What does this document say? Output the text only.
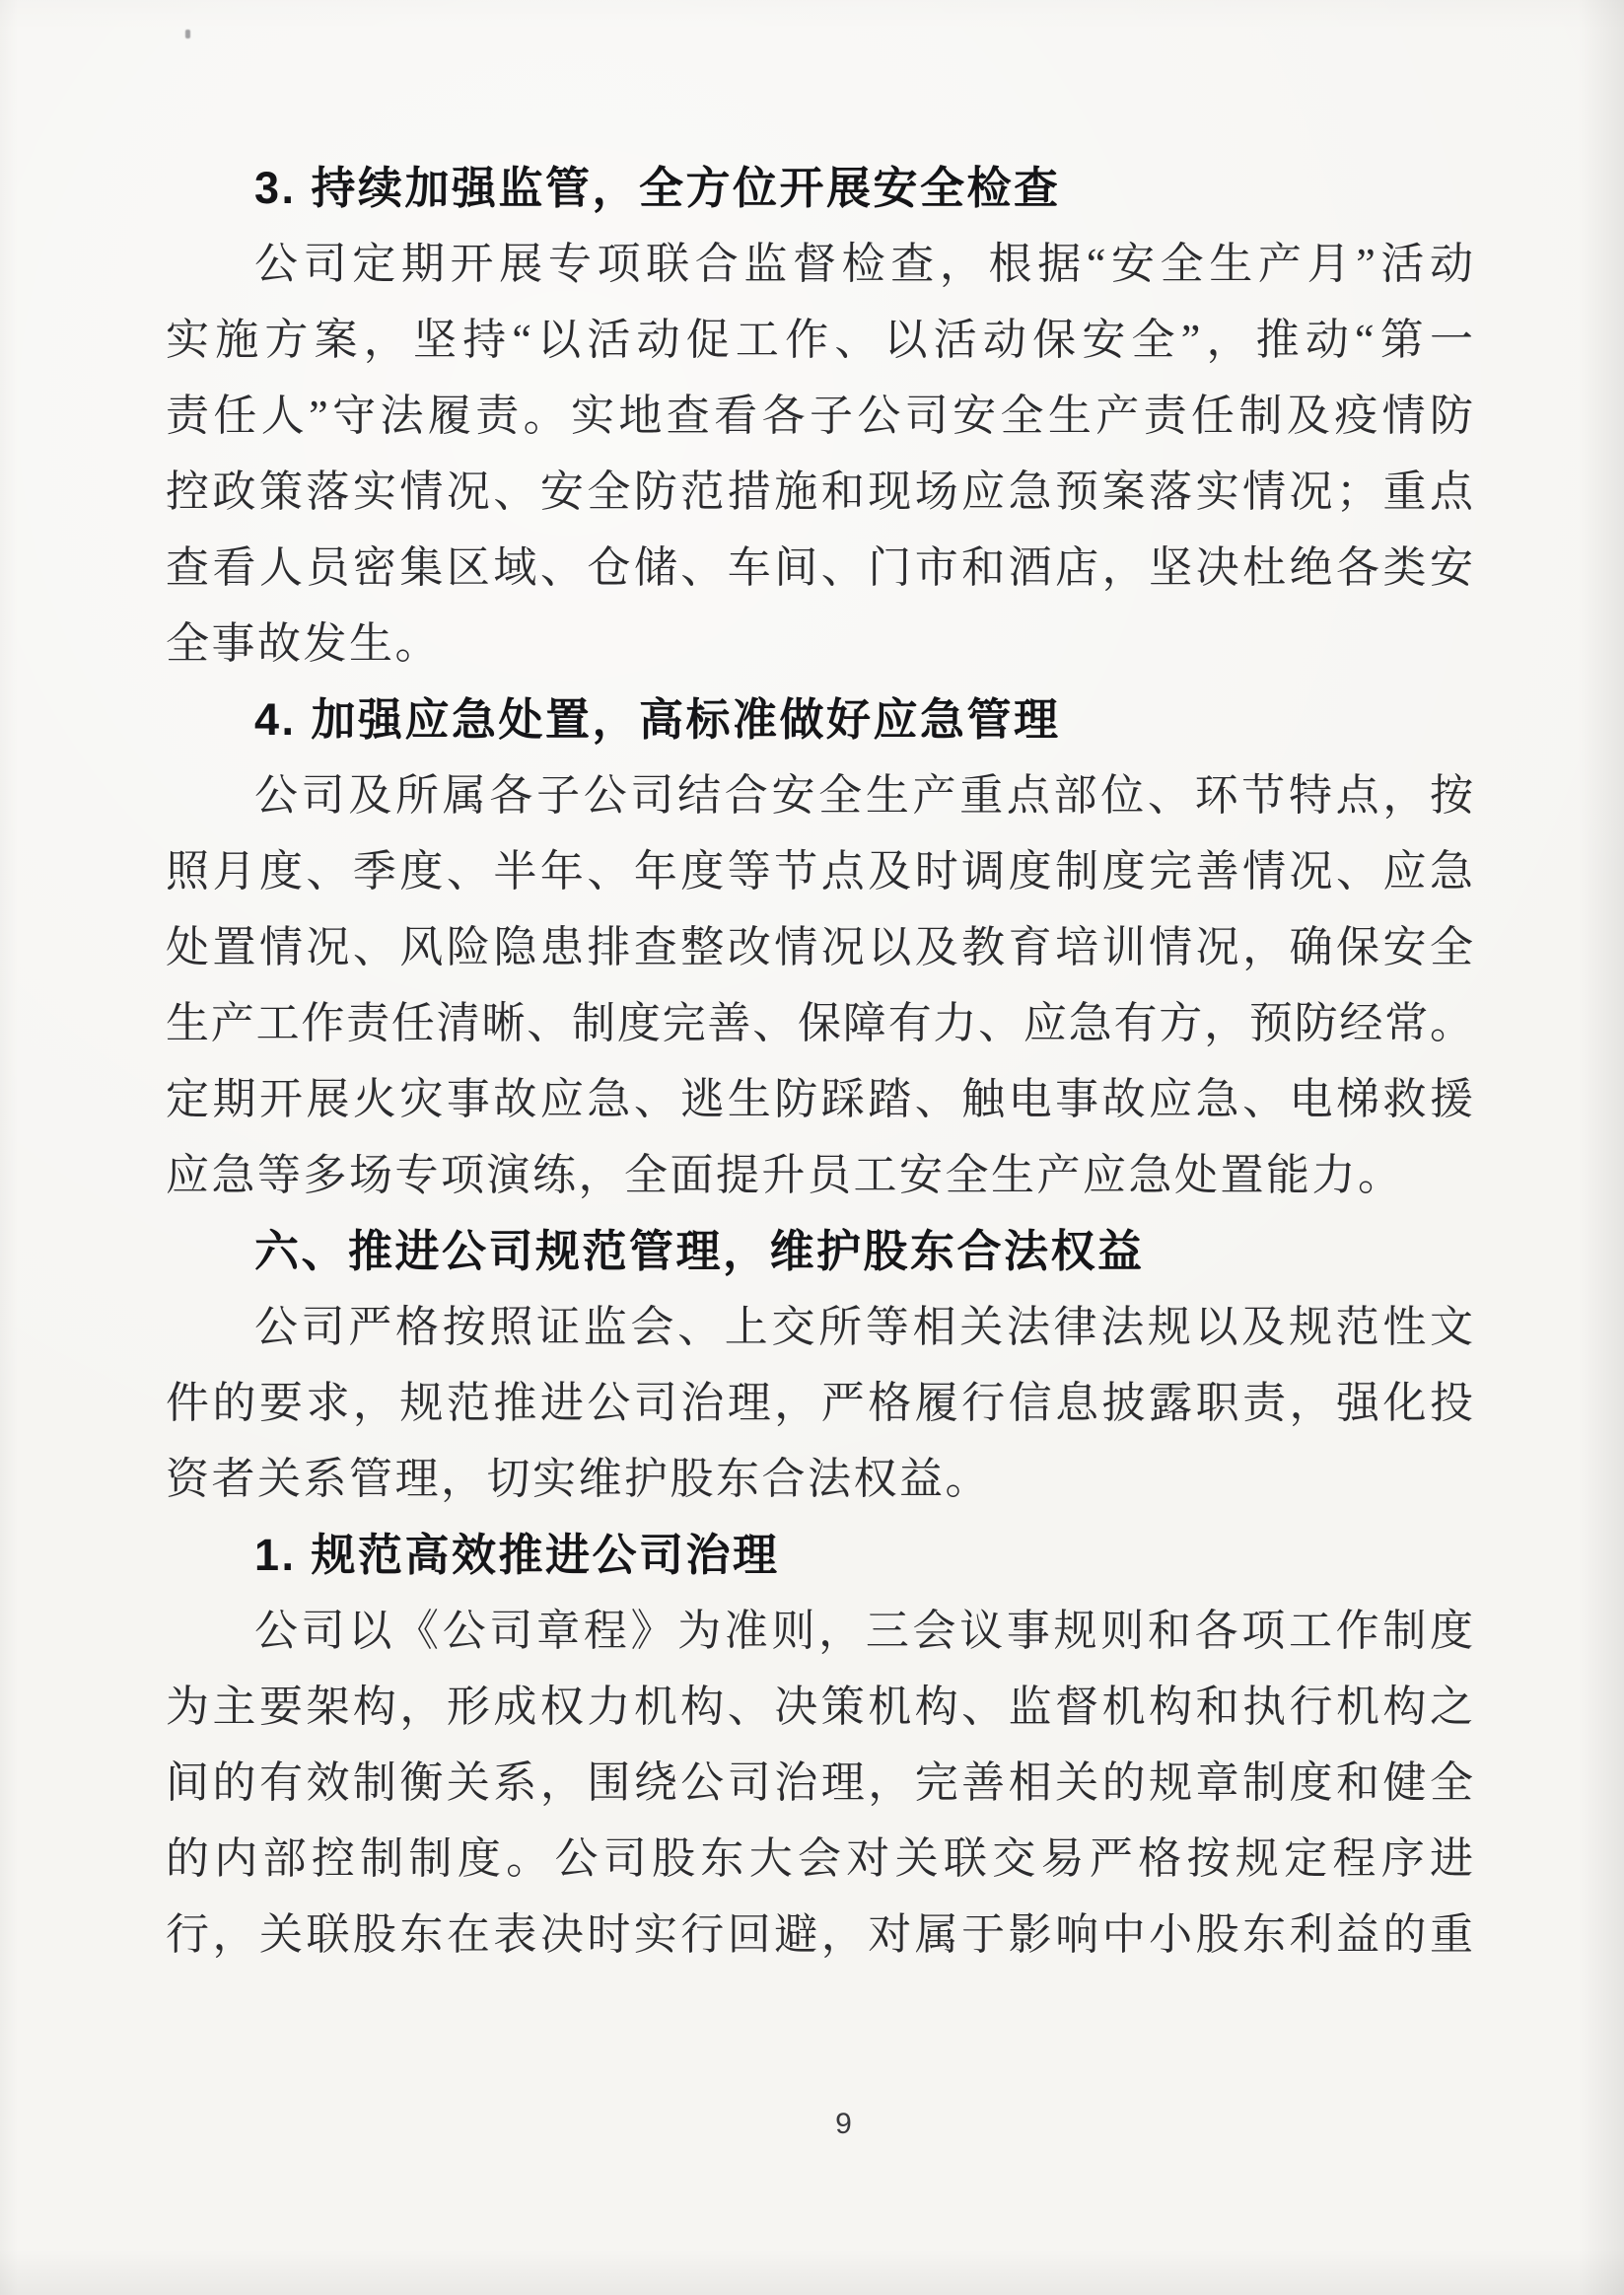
3. 持续加强监管，全方位开展安全检查
公司定期开展专项联合监督检查，根据“安全生产月”活动
实施方案，坚持“以活动促工作、以活动保安全”，推动“第一
责任人”守法履责。实地查看各子公司安全生产责任制及疫情防
控政策落实情况、安全防范措施和现场应急预案落实情况；重点
查看人员密集区域、仓储、车间、门市和酒店，坚决杜绝各类安
全事故发生。
4. 加强应急处置，高标准做好应急管理
公司及所属各子公司结合安全生产重点部位、环节特点，按
照月度、季度、半年、年度等节点及时调度制度完善情况、应急
处置情况、风险隐患排查整改情况以及教育培训情况，确保安全
生产工作责任清晰、制度完善、保障有力、应急有方，预防经常。
定期开展火灾事故应急、逃生防踩踏、触电事故应急、电梯救援
应急等多场专项演练，全面提升员工安全生产应急处置能力。
六、推进公司规范管理，维护股东合法权益
公司严格按照证监会、上交所等相关法律法规以及规范性文
件的要求，规范推进公司治理，严格履行信息披露职责，强化投
资者关系管理，切实维护股东合法权益。
1. 规范高效推进公司治理
公司以《公司章程》为准则，三会议事规则和各项工作制度
为主要架构，形成权力机构、决策机构、监督机构和执行机构之
间的有效制衡关系，围绕公司治理，完善相关的规章制度和健全
的内部控制制度。公司股东大会对关联交易严格按规定程序进
行，关联股东在表决时实行回避，对属于影响中小股东利益的重
9
